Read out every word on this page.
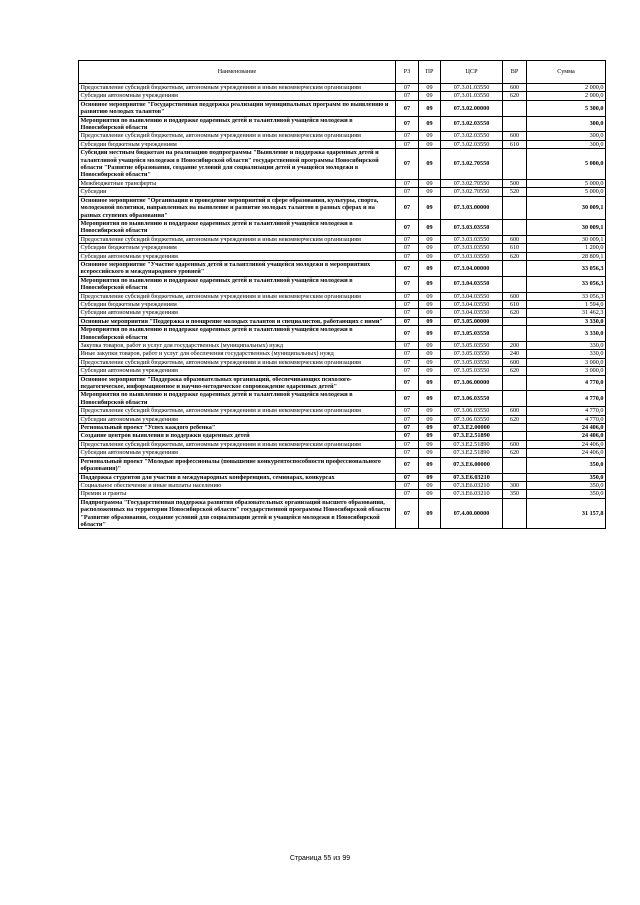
Наименование	РЗ	ПР	ЦСР	ВР	Сумма
Предоставление субсидий бюджетным, автономным учреждениям и иным некоммерческим организациям	07	09	07.3.01.03550	600	2 000,0
Субсидии автономным учреждениям	07	09	07.3.01.03550	620	2 000,0
Основное мероприятие "Государственная поддержка реализации муниципальных программ по выявлению и развитию молодых талантов"	07	09	07.3.02.00000		5 300,0
Мероприятия по выявлению и поддержке одаренных детей и талантливой учащейся молодежи в Новосибирской области	07	09	07.3.02.03550		300,0
Предоставление субсидий бюджетным, автономным учреждениям и иным некоммерческим организациям	07	09	07.3.02.03550	600	300,0
Субсидии бюджетным учреждениям	07	09	07.3.02.03550	610	300,0
Субсидии местным бюджетам на реализацию подпрограммы "Выявление и поддержка одаренных детей и талантливой учащейся молодежи в Новосибирской области" государственной программы Новосибирской области "Развитие образования, создание условий для социализации детей и учащейся молодежи в Новосибирской области"	07	09	07.3.02.70550		5 000,0
Межбюджетные трансферты	07	09	07.3.02.70550	500	5 000,0
Субсидии	07	09	07.3.02.70550	520	5 000,0
Основное мероприятие "Организация и проведение мероприятий в сфере образования, культуры, спорта, молодежной политики, направленных на выявление и развитие молодых талантов в разных сферах и на разных ступенях образования"	07	09	07.3.03.00000		30 009,1
Мероприятия по выявлению и поддержке одаренных детей и талантливой учащейся молодежи в Новосибирской области	07	09	07.3.03.03550		30 009,1
Предоставление субсидий бюджетным, автономным учреждениям и иным некоммерческим организациям	07	09	07.3.03.03550	600	30 009,1
Субсидии бюджетным учреждениям	07	09	07.3.03.03550	610	1 200,0
Субсидии автономным учреждениям	07	09	07.3.03.03550	620	28 809,1
Основное мероприятие "Участие одаренных детей и талантливой учащейся молодежи в мероприятиях всероссийского и международного уровней"	07	09	07.3.04.00000		33 056,3
Мероприятия по выявлению и поддержке одаренных детей и талантливой учащейся молодежи в Новосибирской области	07	09	07.3.04.03550		33 056,3
Предоставление субсидий бюджетным, автономным учреждениям и иным некоммерческим организациям	07	09	07.3.04.03550	600	33 056,3
Субсидии бюджетным учреждениям	07	09	07.3.04.03550	610	1 594,0
Субсидии автономным учреждениям	07	09	07.3.04.03550	620	31 462,3
Основные мероприятия "Поддержка и поощрение молодых талантов и специалистов, работающих с ними"	07	09	07.3.05.00000		3 330,0
Мероприятия по выявлению и поддержке одаренных детей и талантливой учащейся молодежи в Новосибирской области	07	09	07.3.05.03550		3 330,0
Закупка товаров, работ и услуг для государственных (муниципальных) нужд	07	09	07.3.05.03550	200	330,0
Иные закупки товаров, работ и услуг для обеспечения государственных (муниципальных) нужд	07	09	07.3.05.03550	240	330,0
Предоставление субсидий бюджетным, автономным учреждениям и иным некоммерческим организациям	07	09	07.3.05.03550	600	3 000,0
Субсидии автономным учреждениям	07	09	07.3.05.03550	620	3 000,0
Основное мероприятие "Поддержка образовательных организаций, обеспечивающих психолого-педагогическое, информационное и научно-методическое сопровождение одаренных детей"	07	09	07.3.06.00000		4 770,0
Мероприятия по выявлению и поддержке одаренных детей и талантливой учащейся молодежи в Новосибирской области	07	09	07.3.06.03550		4 770,0
Предоставление субсидий бюджетным, автономным учреждениям и иным некоммерческим организациям	07	09	07.3.06.03550	600	4 770,0
Субсидии автономным учреждениям	07	09	07.3.06.03550	620	4 770,0
Региональный проект "Успех каждого ребенка"	07	09	07.3.E2.00000		24 406,0
Создание центров выявления и поддержки одаренных детей	07	09	07.3.E2.51890		24 406,0
Предоставление субсидий бюджетным, автономным учреждениям и иным некоммерческим организациям	07	09	07.3.E2.51890	600	24 406,0
Субсидии автономным учреждениям	07	09	07.3.E2.51890	620	24 406,0
Региональный проект "Молодые профессионалы (повышение конкурентоспособности профессионального образования)"	07	09	07.3.E6.00000		350,0
Поддержка студентов для участия в международных конференциях, семинарах, конкурсах	07	09	07.3.E6.03210		350,0
Социальное обеспечение и иные выплаты населению	07	09	07.3.E6.03210	300	350,0
Премии и гранты	07	09	07.3.E6.03210	350	350,0
Подпрограмма "Государственная поддержка развития образовательных организаций высшего образования, расположенных на территории Новосибирской области" государственной программы Новосибирской области "Развитие образования, создание условий для социализации детей и учащейся молодежи в Новосибирской области"	07	09	07.4.00.00000		31 157,8
Страница 55 из 99
